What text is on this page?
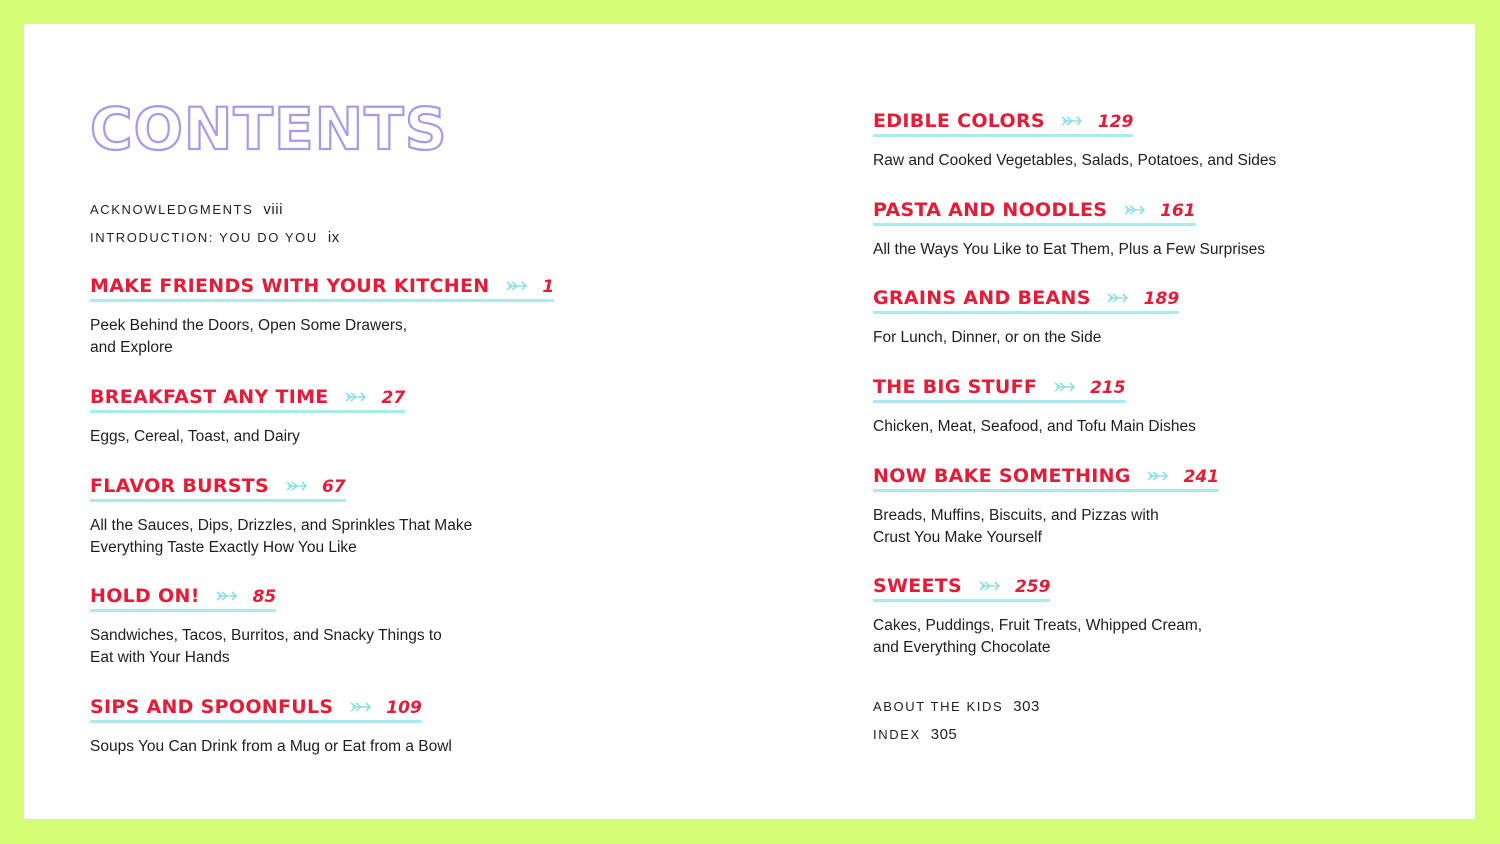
CONTENTS
ACKNOWLEDGMENTS viii
INTRODUCTION: YOU DO YOU ix
MAKE FRIENDS WITH YOUR KITCHEN	1
Peek Behind the Doors, Open Some Drawers,
and Explore
BREAKFAST ANY TIME	27
Eggs, Cereal, Toast, and Dairy
FLAVOR BURSTS	67
All the Sauces, Dips, Drizzles, and Sprinkles That Make
Everything Taste Exactly How You Like
HOLD ON!	85
Sandwiches, Tacos, Burritos, and Snacky Things to
Eat with Your Hands
SIPS AND SPOONFULS	109
Soups You Can Drink from a Mug or Eat from a Bowl
EDIBLE COLORS	129
Raw and Cooked Vegetables, Salads, Potatoes, and Sides
PASTA AND NOODLES	161
All the Ways You Like to Eat Them, Plus a Few Surprises
GRAINS AND BEANS	189
For Lunch, Dinner, or on the Side
THE BIG STUFF	215
Chicken, Meat, Seafood, and Tofu Main Dishes
NOW BAKE SOMETHING	241
Breads, Muffins, Biscuits, and Pizzas with
Crust You Make Yourself
SWEETS	259
Cakes, Puddings, Fruit Treats, Whipped Cream,
and Everything Chocolate
ABOUT THE KIDS 303
INDEX 305
